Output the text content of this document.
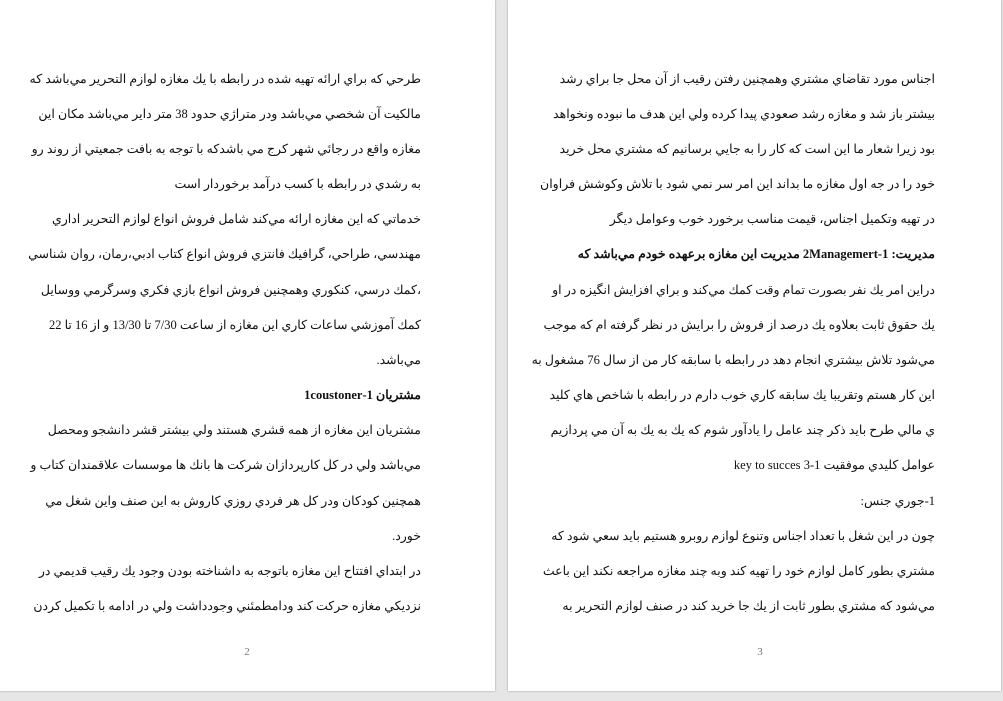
طرحي كه براي ارائه تهيه شده در رابطه با يك مغازه لوازم التحرير مي‌باشد كه
مالكيت آن شخصي مي‌باشد ودر متراژي حدود 38 متر داير مي‌باشد مكان اين
مغازه واقع در رجائي شهر كرج مي باشدكه با توجه به بافت جمعيتي از روند رو
به رشدي در رابطه با كسب درآمد برخوردار است
خدماتي كه اين مغازه ارائه مي‌كند شامل فروش انواع لوازم التحرير اداري
مهندسي، طراحي، گرافيك فانتزي فروش انواع كتاب ادبي،رمان، روان شناسي
،كمك درسي، كنكوري وهمچنين فروش انواع بازي فكري وسرگرمي ووسايل
كمك آموزشي ساعات كاري اين مغازه از ساعت 7/30 تا 13/30 و از 16 تا 22
مي‌باشد.
مشتريان 1-1coustoner
مشتريان اين مغازه از همه قشري هستند ولي بيشتر قشر دانشجو ومحصل
مي‌باشد ولي در كل كارپردازان شركت ها بانك ها موسسات علاقمندان كتاب و
همچنين كودكان ودر كل هر فردي روزي كاروش به اين صنف واين شغل مي
خورد.
در ابتداي افتتاح اين مغازه باتوجه به داشناخته بودن وجود يك رقيب قديمي در
نزديكي مغازه حركت كند ودامطمئني وجودداشت ولي در ادامه با تكميل كردن
2
اجناس مورد تقاضاي مشتري وهمچنين رفتن رقيب از آن محل جا براي رشد
بيشتر باز شد و مغازه رشد صعودي پيدا كرده ولي اين هدف ما نبوده ونخواهد
بود زيرا شعار ما اين است كه كار را به جايي برسانيم كه مشتري محل خريد
خود را در جه اول مغازه ما بداند اين امر سر نمي شود با تلاش وكوشش فراوان
در تهيه وتكميل اجناس، قيمت مناسب برخورد خوب وعوامل ديگر
مديريت: 1-2Managemert مديريت اين مغازه برعهده خودم مي‌باشد كه
دراين امر يك نفر بصورت تمام وقت كمك مي‌كند و براي افزايش انگيزه در او
يك حقوق ثابت بعلاوه يك درصد از فروش را برايش در نظر گرفته ام كه موجب
مي‌شود تلاش بيشتري انجام دهد در رابطه با سابقه كار من از سال 76 مشغول به
اين كار هستم وتقريبا يك سابقه كاري خوب دارم در رابطه با شاخص هاي كليد
ي مالي طرح بايد ذكر چند عامل را يادآور شوم كه يك به يك به آن مي پردازيم
عوامل كليدي موفقيت 1-3 key to succes
1-جوري جنس:
چون در اين شغل با تعداد اجناس وتنوع لوازم روبرو هستيم بايد سعي شود كه
مشتري بطور كامل لوازم خود را تهيه كند وبه چند مغازه مراجعه نكند اين باعث
مي‌شود كه مشتري بطور ثابت از يك جا خريد كند در صنف لوازم التحرير به
3
